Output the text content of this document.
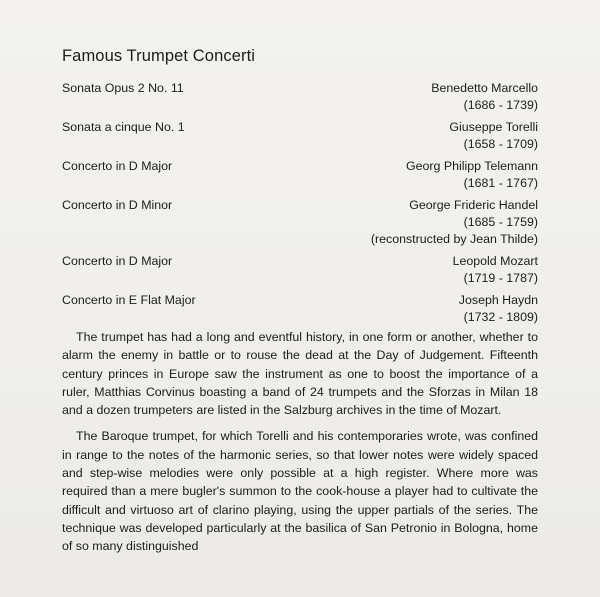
Famous Trumpet Concerti
Sonata Opus 2 No. 11	Benedetto Marcello
(1686 - 1739)
Sonata a cinque No. 1	Giuseppe Torelli
(1658 - 1709)
Concerto in D Major	Georg Philipp Telemann
(1681 - 1767)
Concerto in D Minor	George Frideric Handel
(1685 - 1759)
(reconstructed by Jean Thilde)
Concerto in D Major	Leopold Mozart
(1719 - 1787)
Concerto in E Flat Major	Joseph Haydn
(1732 - 1809)

The trumpet has had a long and eventful history, in one form or another, whether to alarm the enemy in battle or to rouse the dead at the Day of Judgement. Fifteenth century princes in Europe saw the instrument as one to boost the importance of a ruler, Matthias Corvinus boasting a band of 24 trumpets and the Sforzas in Milan 18 and a dozen trumpeters are listed in the Salzburg archives in the time of Mozart.

The Baroque trumpet, for which Torelli and his contemporaries wrote, was confined in range to the notes of the harmonic series, so that lower notes were widely spaced and step-wise melodies were only possible at a high register. Where more was required than a mere bugler's summon to the cook-house a player had to cultivate the difficult and virtuoso art of clarino playing, using the upper partials of the series. The technique was developed particularly at the basilica of San Petronio in Bologna, home of so many distinguished
